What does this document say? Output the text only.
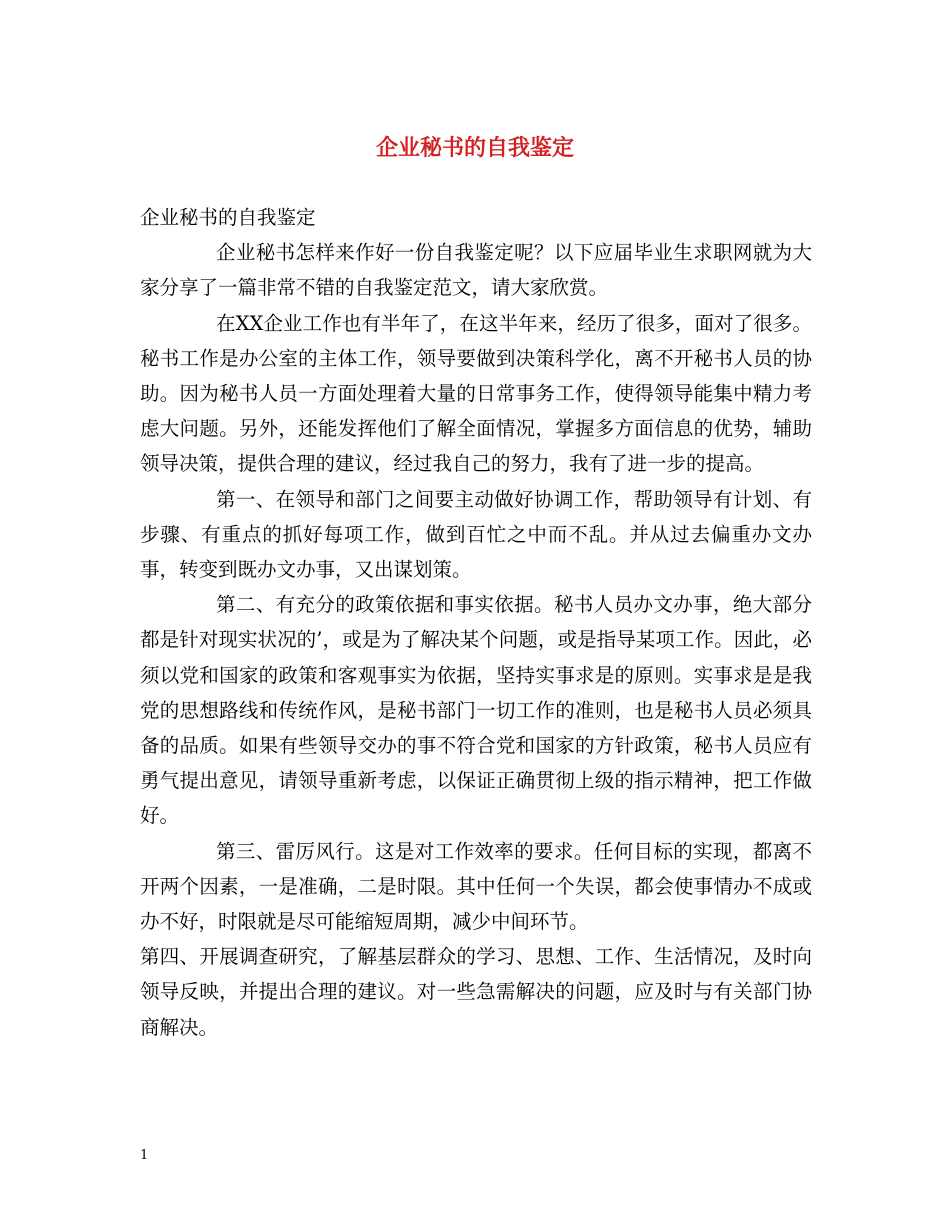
企业秘书的自我鉴定

企业秘书的自我鉴定

企业秘书怎样来作好一份自我鉴定呢？以下应届毕业生求职网就为大家分享了一篇非常不错的自我鉴定范文，请大家欣赏。

在XX企业工作也有半年了，在这半年来，经历了很多，面对了很多。秘书工作是办公室的主体工作，领导要做到决策科学化，离不开秘书人员的协助。因为秘书人员一方面处理着大量的日常事务工作，使得领导能集中精力考虑大问题。另外，还能发挥他们了解全面情况，掌握多方面信息的优势，辅助领导决策，提供合理的建议，经过我自己的努力，我有了进一步的提高。

第一、在领导和部门之间要主动做好协调工作，帮助领导有计划、有步骤、有重点的抓好每项工作，做到百忙之中而不乱。并从过去偏重办文办事，转变到既办文办事，又出谋划策。

第二、有充分的政策依据和事实依据。秘书人员办文办事，绝大部分都是针对现实状况的’，或是为了解决某个问题，或是指导某项工作。因此，必须以党和国家的政策和客观事实为依据，坚持实事求是的原则。实事求是是我党的思想路线和传统作风，是秘书部门一切工作的准则，也是秘书人员必须具备的品质。如果有些领导交办的事不符合党和国家的方针政策，秘书人员应有勇气提出意见，请领导重新考虑，以保证正确贯彻上级的指示精神，把工作做好。

第三、雷厉风行。这是对工作效率的要求。任何目标的实现，都离不开两个因素，一是准确，二是时限。其中任何一个失误，都会使事情办不成或办不好，时限就是尽可能缩短周期，减少中间环节。

第四、开展调查研究，了解基层群众的学习、思想、工作、生活情况，及时向领导反映，并提出合理的建议。对一些急需解决的问题，应及时与有关部门协商解决。

1
